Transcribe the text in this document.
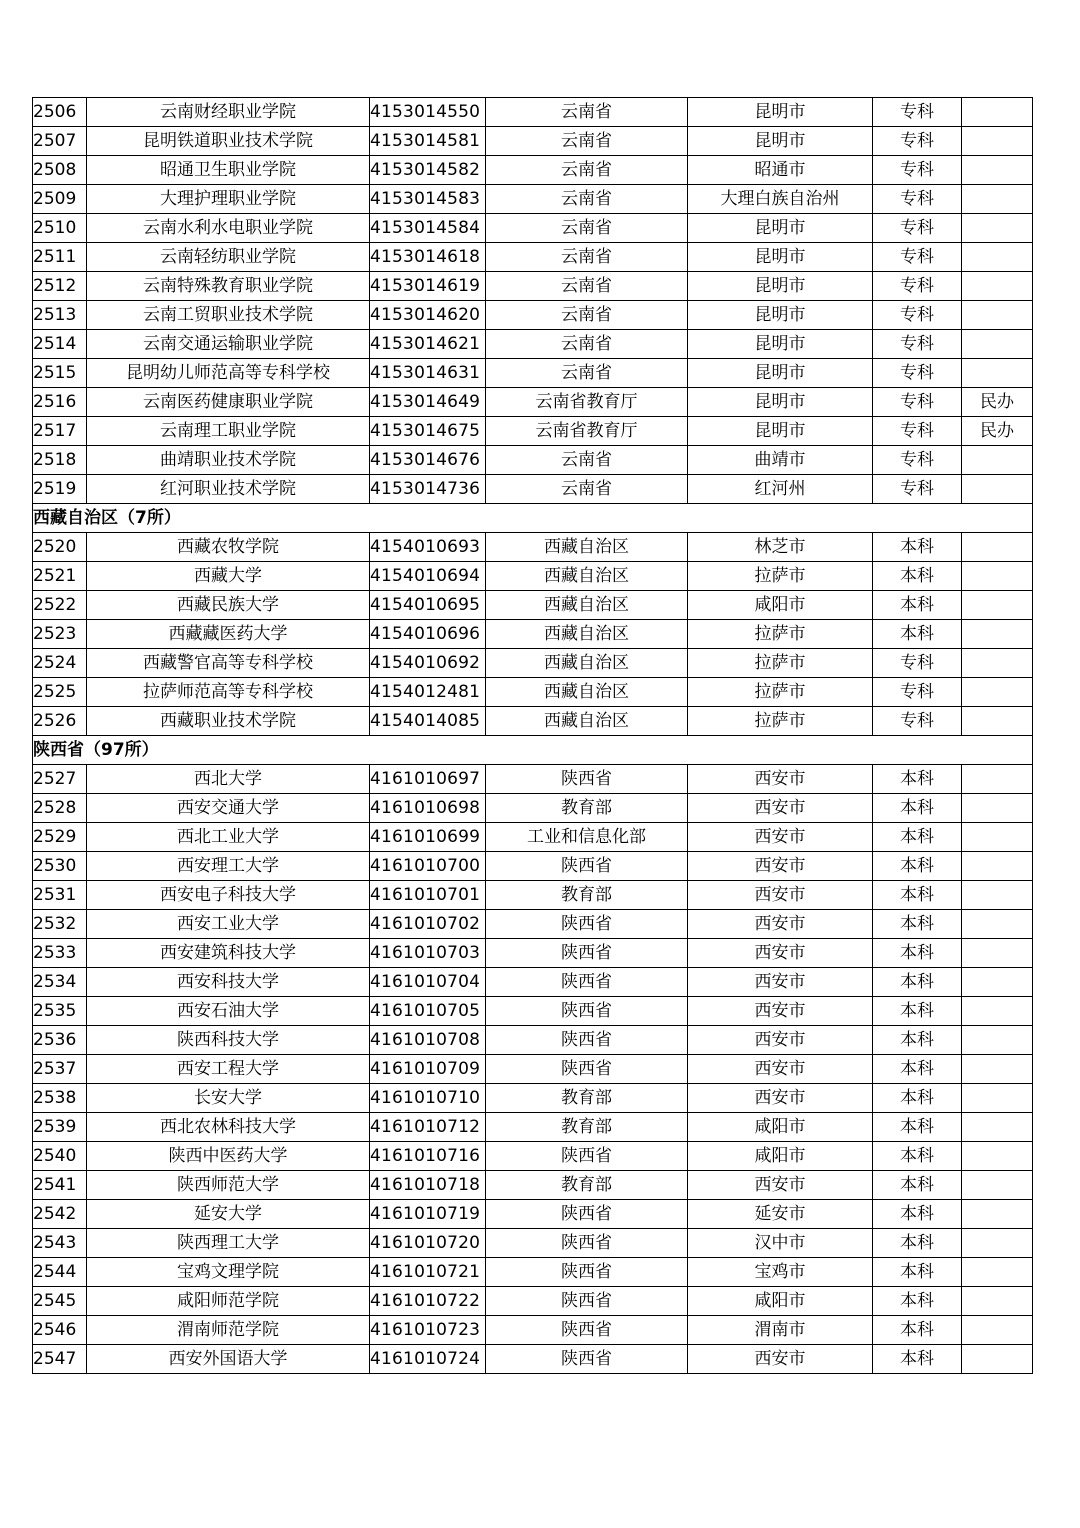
2506	云南财经职业学院	4153014550	云南省	昆明市	专科	
2507	昆明铁道职业技术学院	4153014581	云南省	昆明市	专科	
2508	昭通卫生职业学院	4153014582	云南省	昭通市	专科	
2509	大理护理职业学院	4153014583	云南省	大理白族自治州	专科	
2510	云南水利水电职业学院	4153014584	云南省	昆明市	专科	
2511	云南轻纺职业学院	4153014618	云南省	昆明市	专科	
2512	云南特殊教育职业学院	4153014619	云南省	昆明市	专科	
2513	云南工贸职业技术学院	4153014620	云南省	昆明市	专科	
2514	云南交通运输职业学院	4153014621	云南省	昆明市	专科	
2515	昆明幼儿师范高等专科学校	4153014631	云南省	昆明市	专科	
2516	云南医药健康职业学院	4153014649	云南省教育厅	昆明市	专科	民办
2517	云南理工职业学院	4153014675	云南省教育厅	昆明市	专科	民办
2518	曲靖职业技术学院	4153014676	云南省	曲靖市	专科	
2519	红河职业技术学院	4153014736	云南省	红河州	专科	
西藏自治区（7所）						
2520	西藏农牧学院	4154010693	西藏自治区	林芝市	本科	
2521	西藏大学	4154010694	西藏自治区	拉萨市	本科	
2522	西藏民族大学	4154010695	西藏自治区	咸阳市	本科	
2523	西藏藏医药大学	4154010696	西藏自治区	拉萨市	本科	
2524	西藏警官高等专科学校	4154010692	西藏自治区	拉萨市	专科	
2525	拉萨师范高等专科学校	4154012481	西藏自治区	拉萨市	专科	
2526	西藏职业技术学院	4154014085	西藏自治区	拉萨市	专科	
陕西省（97所）						
2527	西北大学	4161010697	陕西省	西安市	本科	
2528	西安交通大学	4161010698	教育部	西安市	本科	
2529	西北工业大学	4161010699	工业和信息化部	西安市	本科	
2530	西安理工大学	4161010700	陕西省	西安市	本科	
2531	西安电子科技大学	4161010701	教育部	西安市	本科	
2532	西安工业大学	4161010702	陕西省	西安市	本科	
2533	西安建筑科技大学	4161010703	陕西省	西安市	本科	
2534	西安科技大学	4161010704	陕西省	西安市	本科	
2535	西安石油大学	4161010705	陕西省	西安市	本科	
2536	陕西科技大学	4161010708	陕西省	西安市	本科	
2537	西安工程大学	4161010709	陕西省	西安市	本科	
2538	长安大学	4161010710	教育部	西安市	本科	
2539	西北农林科技大学	4161010712	教育部	咸阳市	本科	
2540	陕西中医药大学	4161010716	陕西省	咸阳市	本科	
2541	陕西师范大学	4161010718	教育部	西安市	本科	
2542	延安大学	4161010719	陕西省	延安市	本科	
2543	陕西理工大学	4161010720	陕西省	汉中市	本科	
2544	宝鸡文理学院	4161010721	陕西省	宝鸡市	本科	
2545	咸阳师范学院	4161010722	陕西省	咸阳市	本科	
2546	渭南师范学院	4161010723	陕西省	渭南市	本科	
2547	西安外国语大学	4161010724	陕西省	西安市	本科	
